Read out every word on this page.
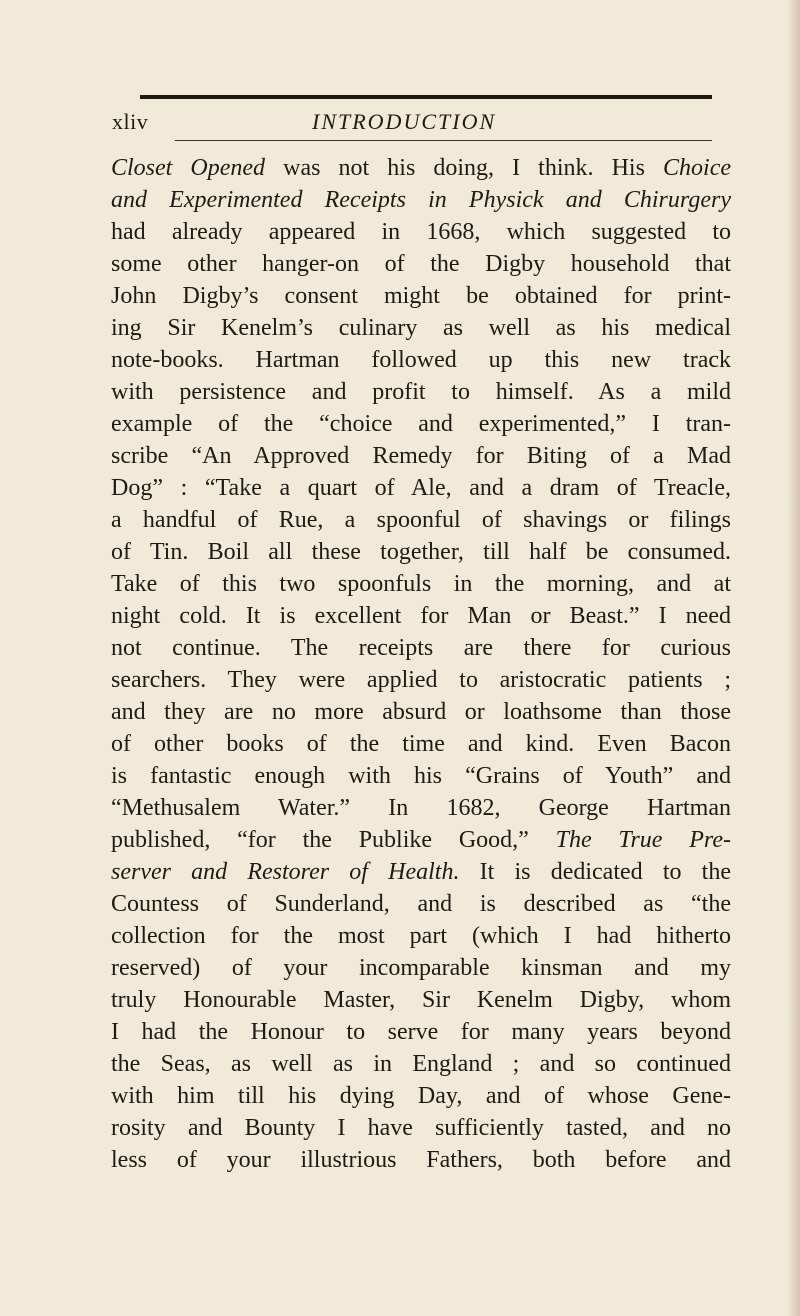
xliv	INTRODUCTION
Closet Opened was not his doing, I think. His Choice
and Experimented Receipts in Physick and Chirurgery
had already appeared in 1668, which suggested to
some other hanger-on of the Digby household that
John Digby’s consent might be obtained for print-
ing Sir Kenelm’s culinary as well as his medical
note-books. Hartman followed up this new track
with persistence and profit to himself. As a mild
example of the “choice and experimented,” I tran-
scribe “An Approved Remedy for Biting of a Mad
Dog” : “Take a quart of Ale, and a dram of Treacle,
a handful of Rue, a spoonful of shavings or filings
of Tin. Boil all these together, till half be consumed.
Take of this two spoonfuls in the morning, and at
night cold. It is excellent for Man or Beast.” I need
not continue. The receipts are there for curious
searchers. They were applied to aristocratic patients ;
and they are no more absurd or loathsome than those
of other books of the time and kind. Even Bacon
is fantastic enough with his “Grains of Youth” and
“Methusalem Water.” In 1682, George Hartman
published, “for the Publike Good,” The True Pre-
server and Restorer of Health. It is dedicated to the
Countess of Sunderland, and is described as “the
collection for the most part (which I had hitherto
reserved) of your incomparable kinsman and my
truly Honourable Master, Sir Kenelm Digby, whom
I had the Honour to serve for many years beyond
the Seas, as well as in England ; and so continued
with him till his dying Day, and of whose Gene-
rosity and Bounty I have sufficiently tasted, and no
less of your illustrious Fathers, both before and
